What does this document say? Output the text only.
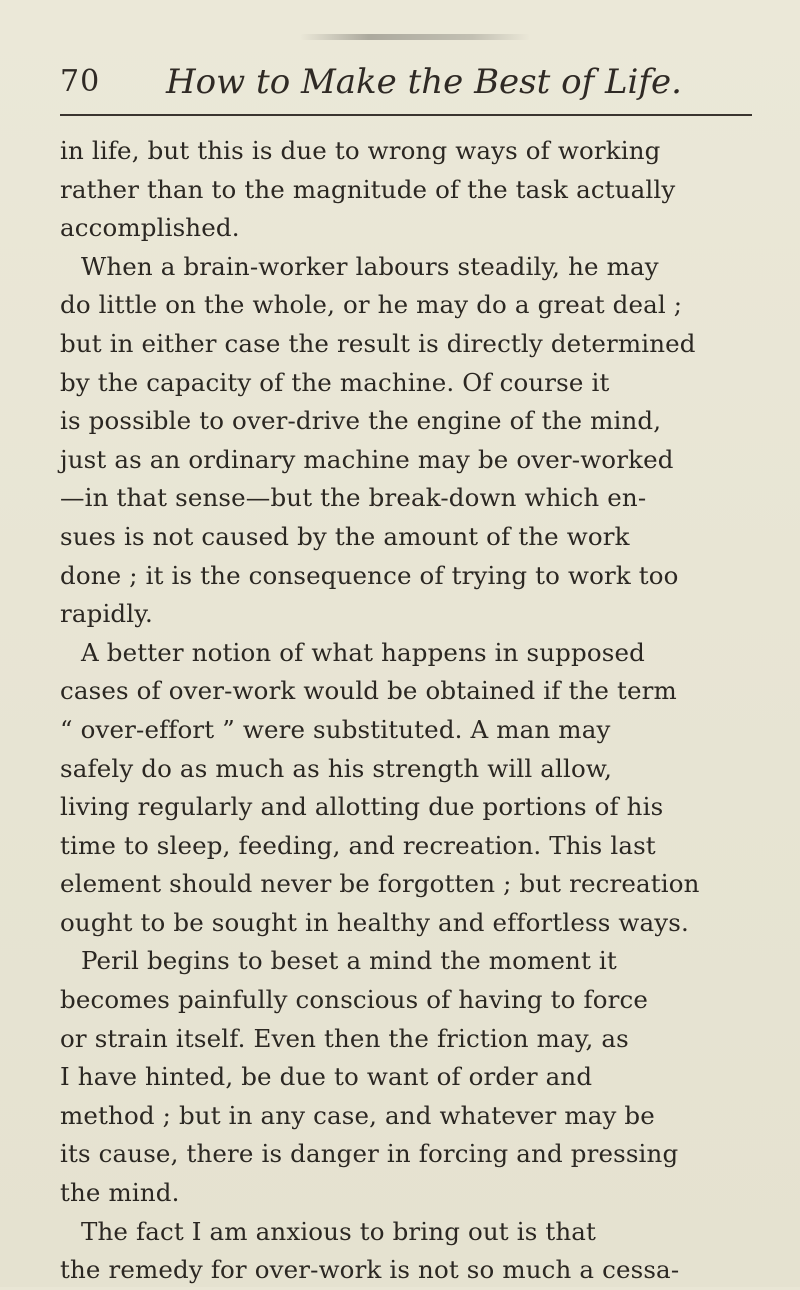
70 How to Make the Best of Life.
in life, but this is due to wrong ways of working
rather than to the magnitude of the task actually
accomplished.
When a brain-worker labours steadily, he may
do little on the whole, or he may do a great deal ;
but in either case the result is directly determined
by the capacity of the machine. Of course it
is possible to over-drive the engine of the mind,
just as an ordinary machine may be over-worked
—in that sense—but the break-down which en-
sues is not caused by the amount of the work
done ; it is the consequence of trying to work too
rapidly.
A better notion of what happens in supposed
cases of over-work would be obtained if the term
“ over-effort ” were substituted. A man may
safely do as much as his strength will allow,
living regularly and allotting due portions of his
time to sleep, feeding, and recreation. This last
element should never be forgotten ; but recreation
ought to be sought in healthy and effortless ways.
Peril begins to beset a mind the moment it
becomes painfully conscious of having to force
or strain itself. Even then the friction may, as
I have hinted, be due to want of order and
method ; but in any case, and whatever may be
its cause, there is danger in forcing and pressing
the mind.
The fact I am anxious to bring out is that
the remedy for over-work is not so much a cessa-
